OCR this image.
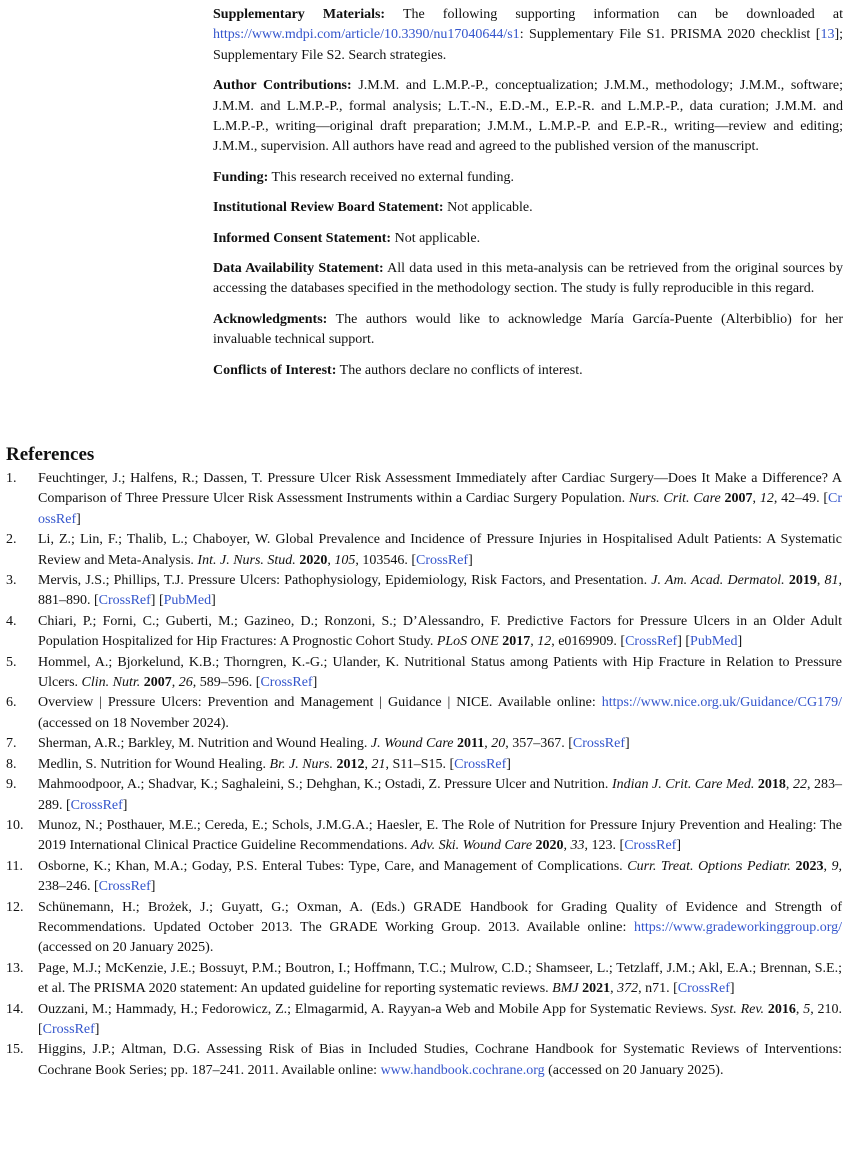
Supplementary Materials: The following supporting information can be downloaded at https://www.mdpi.com/article/10.3390/nu17040644/s1: Supplementary File S1. PRISMA 2020 checklist [13]; Supplementary File S2. Search strategies.

Author Contributions: J.M.M. and L.M.P.-P., conceptualization; J.M.M., methodology; J.M.M., software; J.M.M. and L.M.P.-P., formal analysis; L.T.-N., E.D.-M., E.P.-R. and L.M.P.-P., data curation; J.M.M. and L.M.P.-P., writing—original draft preparation; J.M.M., L.M.P.-P. and E.P.-R., writing—review and editing; J.M.M., supervision. All authors have read and agreed to the published version of the manuscript.

Funding: This research received no external funding.

Institutional Review Board Statement: Not applicable.

Informed Consent Statement: Not applicable.

Data Availability Statement: All data used in this meta-analysis can be retrieved from the original sources by accessing the databases specified in the methodology section. The study is fully reproducible in this regard.

Acknowledgments: The authors would like to acknowledge María García-Puente (Alterbiblio) for her invaluable technical support.

Conflicts of Interest: The authors declare no conflicts of interest.

References
1. Feuchtinger, J.; Halfens, R.; Dassen, T. Pressure Ulcer Risk Assessment Immediately after Cardiac Surgery—Does It Make a Difference? A Comparison of Three Pressure Ulcer Risk Assessment Instruments within a Cardiac Surgery Population. Nurs. Crit. Care 2007, 12, 42–49. [CrossRef]
2. Li, Z.; Lin, F.; Thalib, L.; Chaboyer, W. Global Prevalence and Incidence of Pressure Injuries in Hospitalised Adult Patients: A Systematic Review and Meta-Analysis. Int. J. Nurs. Stud. 2020, 105, 103546. [CrossRef]
3. Mervis, J.S.; Phillips, T.J. Pressure Ulcers: Pathophysiology, Epidemiology, Risk Factors, and Presentation. J. Am. Acad. Dermatol. 2019, 81, 881–890. [CrossRef] [PubMed]
4. Chiari, P.; Forni, C.; Guberti, M.; Gazineo, D.; Ronzoni, S.; D’Alessandro, F. Predictive Factors for Pressure Ulcers in an Older Adult Population Hospitalized for Hip Fractures: A Prognostic Cohort Study. PLoS ONE 2017, 12, e0169909. [CrossRef] [PubMed]
5. Hommel, A.; Bjorkelund, K.B.; Thorngren, K.-G.; Ulander, K. Nutritional Status among Patients with Hip Fracture in Relation to Pressure Ulcers. Clin. Nutr. 2007, 26, 589–596. [CrossRef]
6. Overview | Pressure Ulcers: Prevention and Management | Guidance | NICE. Available online: https://www.nice.org.uk/Guidance/CG179/ (accessed on 18 November 2024).
7. Sherman, A.R.; Barkley, M. Nutrition and Wound Healing. J. Wound Care 2011, 20, 357–367. [CrossRef]
8. Medlin, S. Nutrition for Wound Healing. Br. J. Nurs. 2012, 21, S11–S15. [CrossRef]
9. Mahmoodpoor, A.; Shadvar, K.; Saghaleini, S.; Dehghan, K.; Ostadi, Z. Pressure Ulcer and Nutrition. Indian J. Crit. Care Med. 2018, 22, 283–289. [CrossRef]
10. Munoz, N.; Posthauer, M.E.; Cereda, E.; Schols, J.M.G.A.; Haesler, E. The Role of Nutrition for Pressure Injury Prevention and Healing: The 2019 International Clinical Practice Guideline Recommendations. Adv. Ski. Wound Care 2020, 33, 123. [CrossRef]
11. Osborne, K.; Khan, M.A.; Goday, P.S. Enteral Tubes: Type, Care, and Management of Complications. Curr. Treat. Options Pediatr. 2023, 9, 238–246. [CrossRef]
12. Schünemann, H.; Brożek, J.; Guyatt, G.; Oxman, A. (Eds.) GRADE Handbook for Grading Quality of Evidence and Strength of Recommendations. Updated October 2013. The GRADE Working Group. 2013. Available online: https://www.gradeworkinggroup.org/ (accessed on 20 January 2025).
13. Page, M.J.; McKenzie, J.E.; Bossuyt, P.M.; Boutron, I.; Hoffmann, T.C.; Mulrow, C.D.; Shamseer, L.; Tetzlaff, J.M.; Akl, E.A.; Brennan, S.E.; et al. The PRISMA 2020 statement: An updated guideline for reporting systematic reviews. BMJ 2021, 372, n71. [CrossRef]
14. Ouzzani, M.; Hammady, H.; Fedorowicz, Z.; Elmagarmid, A. Rayyan-a Web and Mobile App for Systematic Reviews. Syst. Rev. 2016, 5, 210. [CrossRef]
15. Higgins, J.P.; Altman, D.G. Assessing Risk of Bias in Included Studies, Cochrane Handbook for Systematic Reviews of Interventions: Cochrane Book Series; pp. 187–241. 2011. Available online: www.handbook.cochrane.org (accessed on 20 January 2025).
